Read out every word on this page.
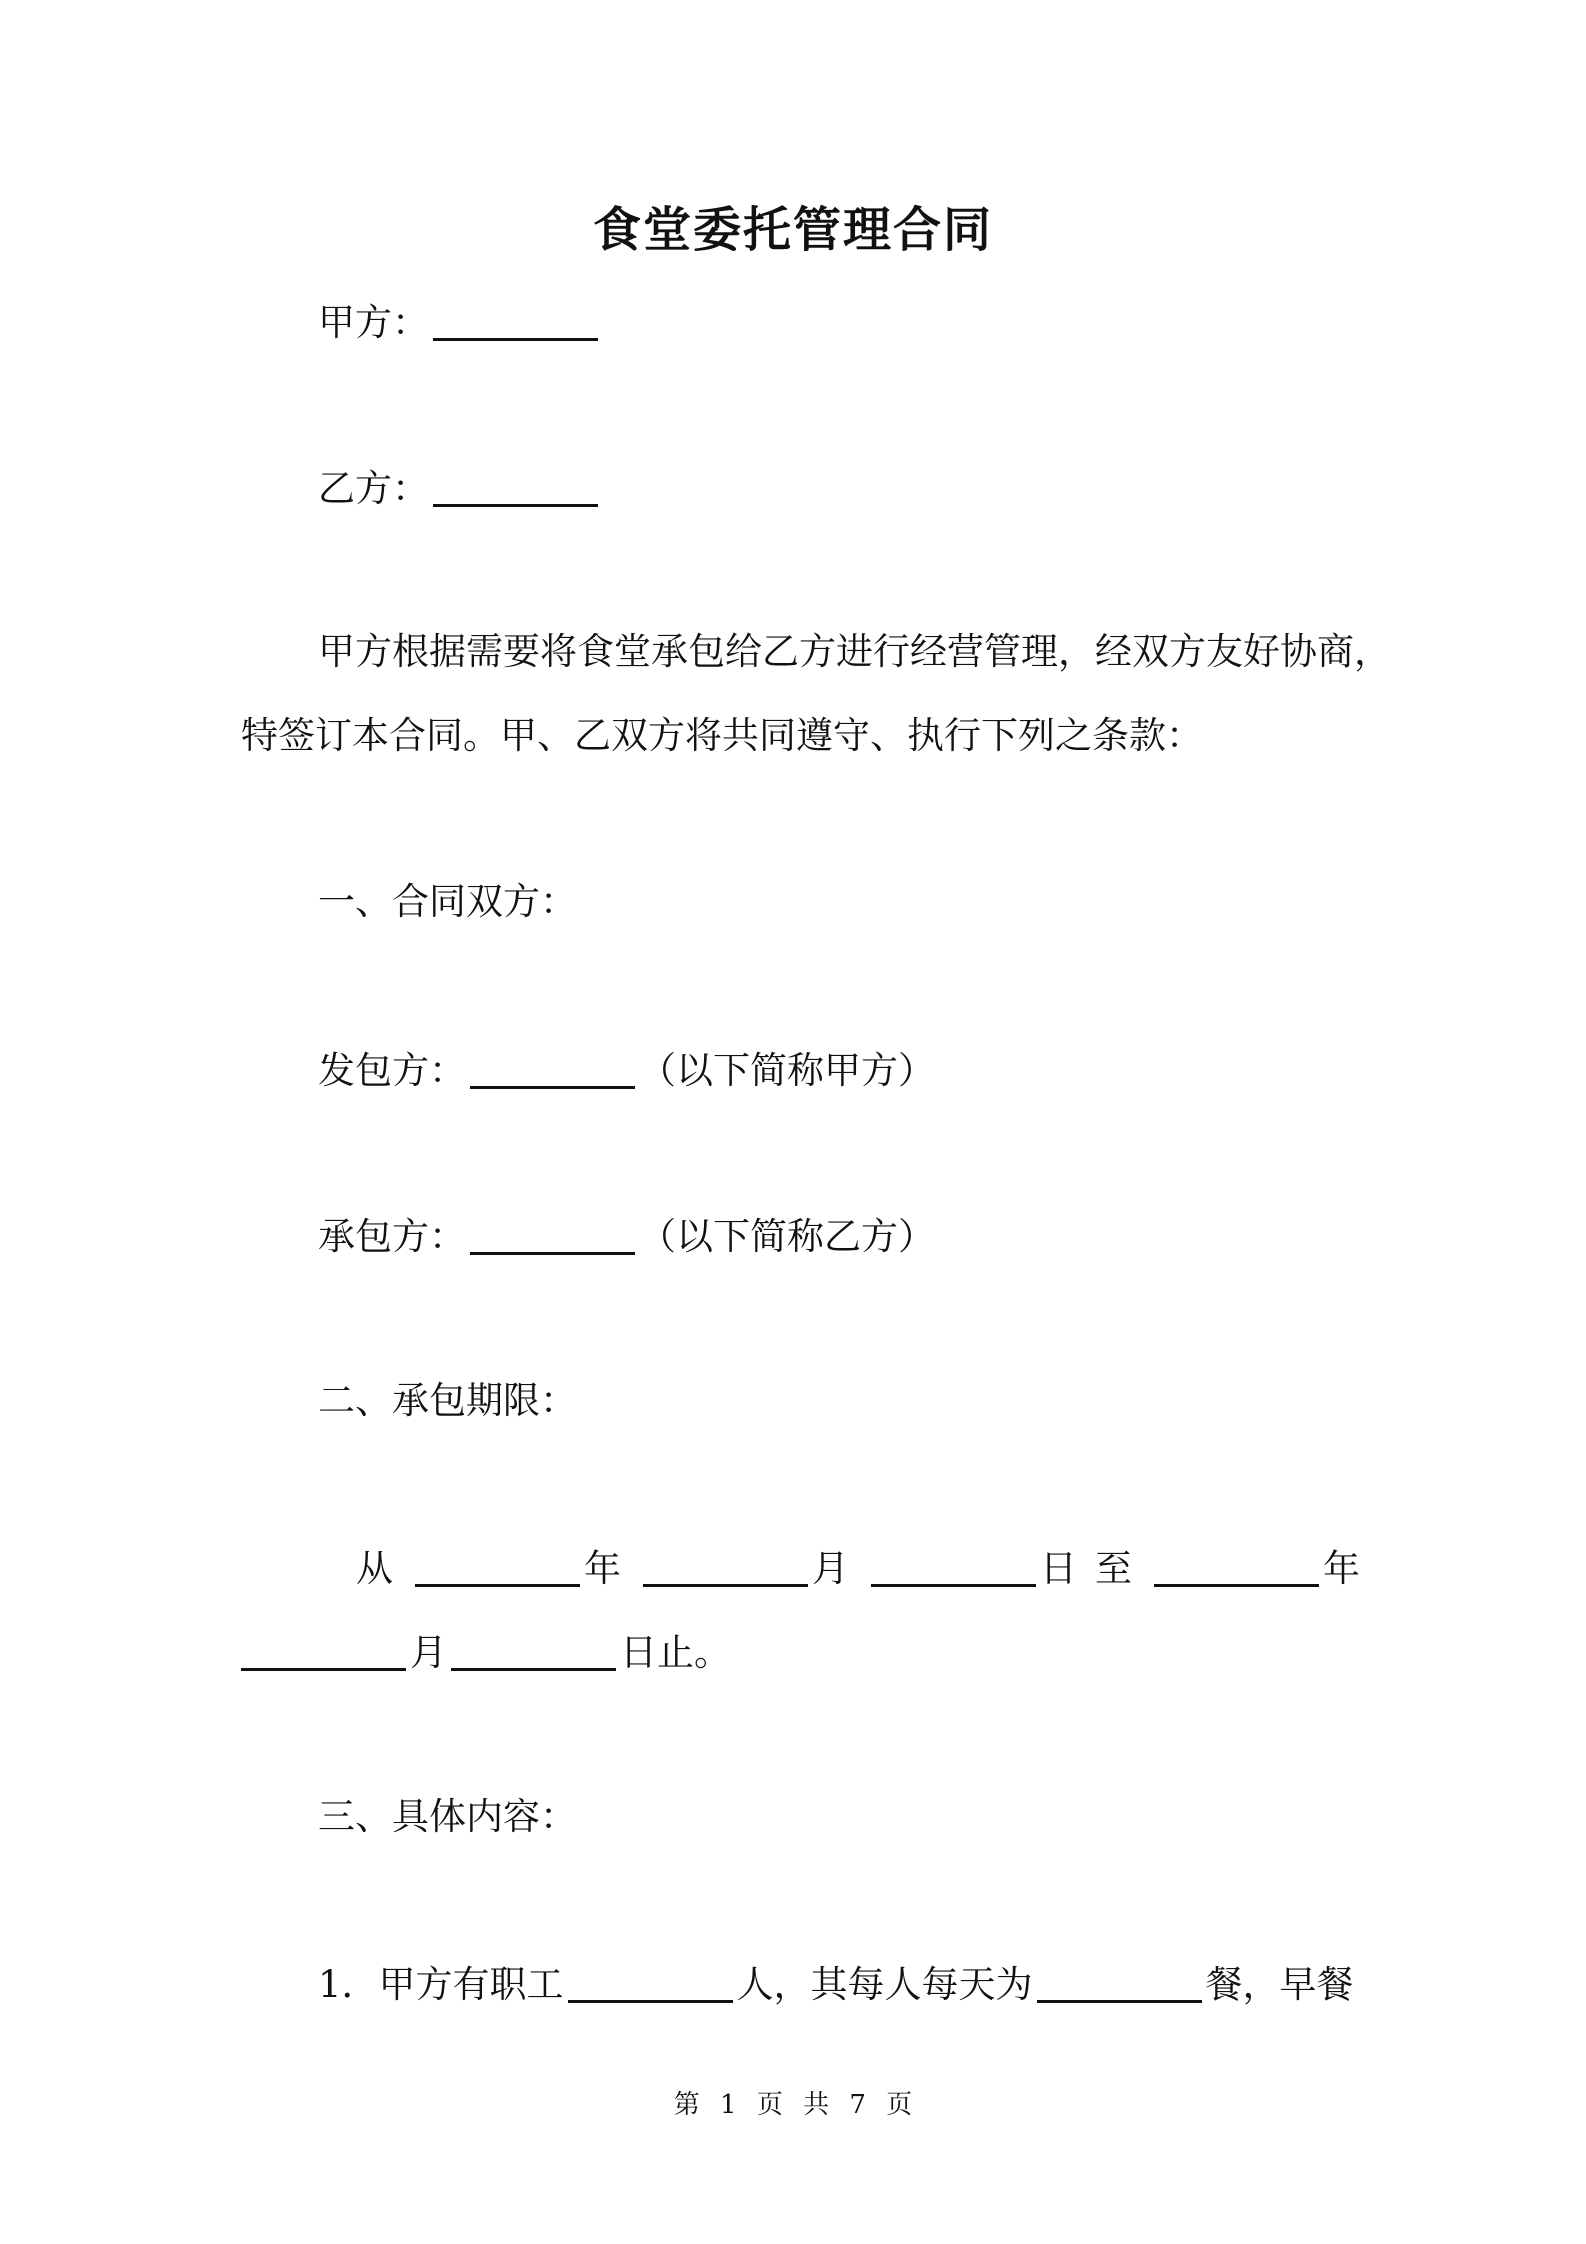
食堂委托管理合同
甲方：
乙方：
甲方根据需要将食堂承包给乙方进行经营管理，经双方友好协商，
特签订本合同。甲、乙双方将共同遵守、执行下列之条款：
一、合同双方：
发包方：	（以下简称甲方）
承包方：	（以下简称乙方）
二、承包期限：
从	年	月	日 至	年
月	日止。
三、具体内容：
1．甲方有职工	人，其每人每天为	餐，早餐
第 1 页 共 7 页
